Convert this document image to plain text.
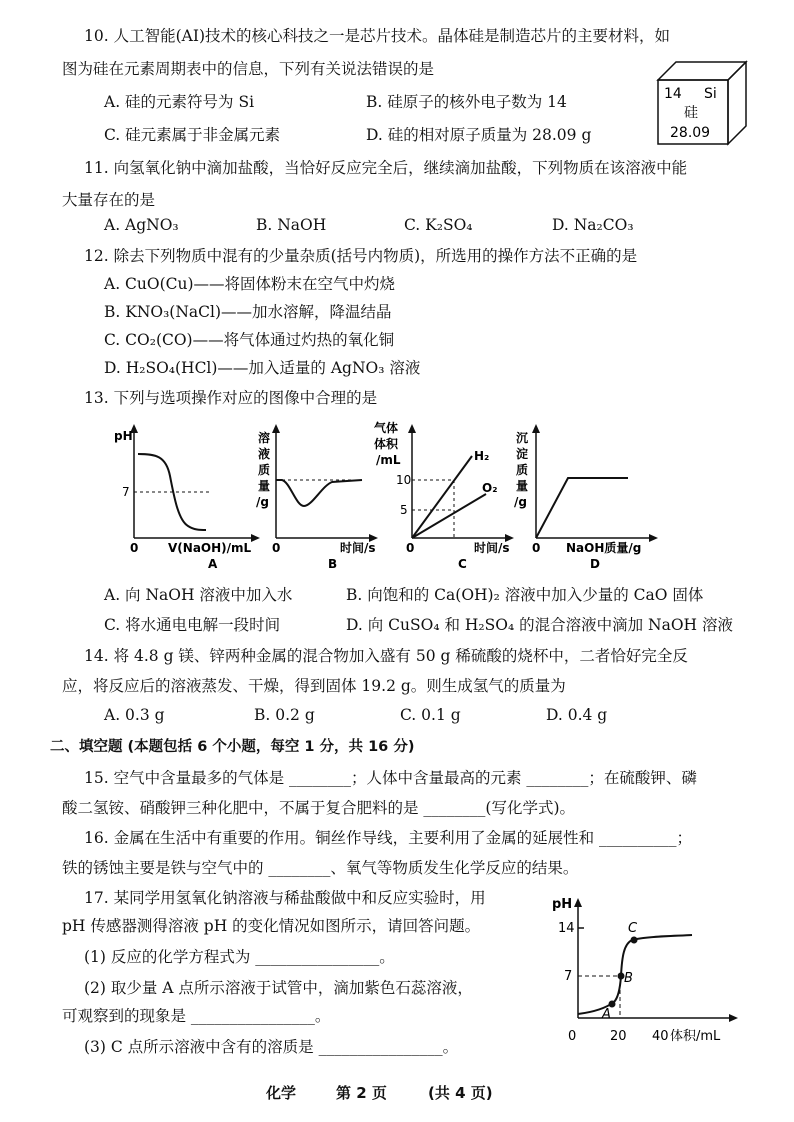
10. 人工智能(AI)技术的核心科技之一是芯片技术。晶体硅是制造芯片的主要材料，如
图为硅在元素周期表中的信息，下列有关说法错误的是
A. 硅的元素符号为 Si	B. 硅原子的核外电子数为 14
C. 硅元素属于非金属元素	D. 硅的相对原子质量为 28.09 g
14 Si
硅
28.09
11. 向氢氧化钠中滴加盐酸，当恰好反应完全后，继续滴加盐酸，下列物质在该溶液中能
大量存在的是
A. AgNO₃	B. NaOH	C. K₂SO₄	D. Na₂CO₃
12. 除去下列物质中混有的少量杂质(括号内物质)，所选用的操作方法不正确的是
A. CuO(Cu)——将固体粉末在空气中灼烧
B. KNO₃(NaCl)——加水溶解，降温结晶
C. CO₂(CO)——将气体通过灼热的氧化铜
D. H₂SO₄(HCl)——加入适量的 AgNO₃ 溶液
13. 下列与选项操作对应的图像中合理的是
pH
7
0 V(NaOH)/mL
A
溶液质量/g
0	时间/s
B
气体体积/mL
10
5
H₂
O₂
0	时间/s
C
沉淀质量/g
0 NaOH质量/g
D
A. 向 NaOH 溶液中加入水	B. 向饱和的 Ca(OH)₂ 溶液中加入少量的 CaO 固体
C. 将水通电电解一段时间	D. 向 CuSO₄ 和 H₂SO₄ 的混合溶液中滴加 NaOH 溶液
14. 将 4.8 g 镁、锌两种金属的混合物加入盛有 50 g 稀硫酸的烧杯中，二者恰好完全反
应，将反应后的溶液蒸发、干燥，得到固体 19.2 g。则生成氢气的质量为
A. 0.3 g	B. 0.2 g	C. 0.1 g	D. 0.4 g
二、填空题 (本题包括 6 个小题，每空 1 分，共 16 分)
15. 空气中含量最多的气体是 ________；人体中含量最高的元素 ________；在硫酸钾、磷
酸二氢铵、硝酸钾三种化肥中，不属于复合肥料的是 ________(写化学式)。
16. 金属在生活中有重要的作用。铜丝作导线，主要利用了金属的延展性和 __________；
铁的锈蚀主要是铁与空气中的 ________、氧气等物质发生化学反应的结果。
17. 某同学用氢氧化钠溶液与稀盐酸做中和反应实验时，用
pH 传感器测得溶液 pH 的变化情况如图所示，请回答问题。
(1) 反应的化学方程式为 ________________。
(2) 取少量 A 点所示溶液于试管中，滴加紫色石蕊溶液，
可观察到的现象是 ________________。
(3) C 点所示溶液中含有的溶质是 ________________。
pH
14
7
A
B
C
0	20 40 体积/mL
化学	第 2 页	(共 4 页)
